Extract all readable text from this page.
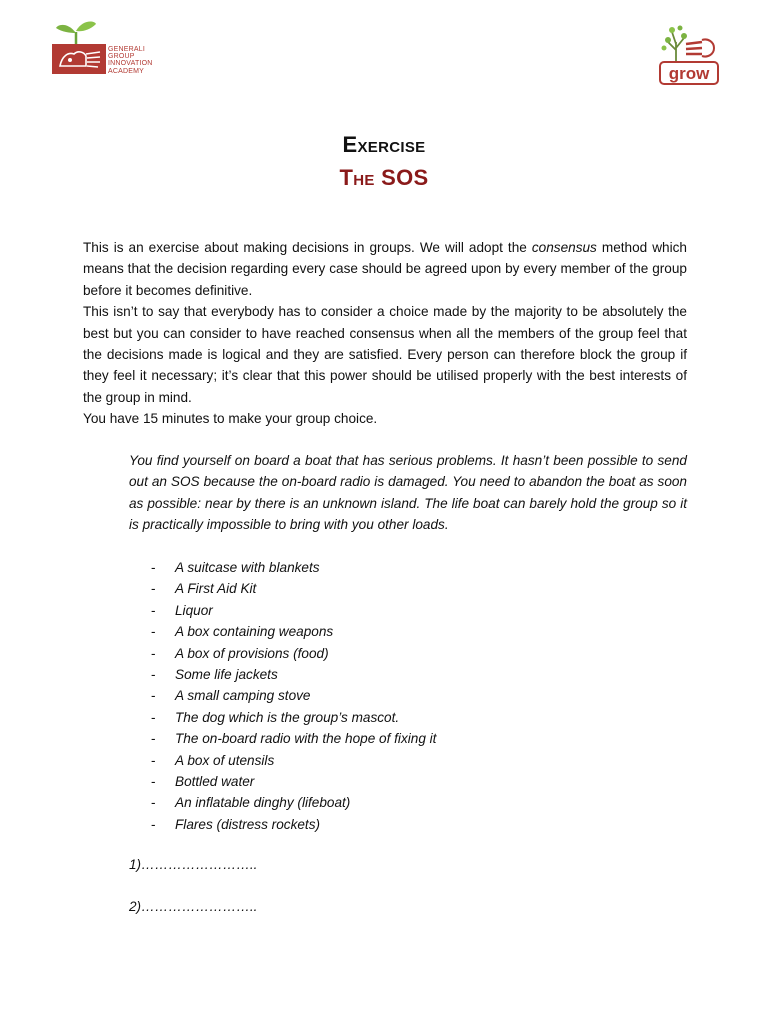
GENERALI
GROUP
INNOVATION
ACADEMY	grow
Exercise
The SOS

This is an exercise about making decisions in groups. We will adopt the consensus method which means that the decision regarding every case should be agreed upon by every member of the group before it becomes definitive.

This isn’t to say that everybody has to consider a choice made by the majority to be absolutely the best but you can consider to have reached consensus when all the members of the group feel that the decisions made is logical and they are satisfied. Every person can therefore block the group if they feel it necessary; it’s clear that this power should be utilised properly with the best interests of the group in mind.

You have 15 minutes to make your group choice.

You find yourself on board a boat that has serious problems. It hasn’t been possible to send out an SOS because the on-board radio is damaged. You need to abandon the boat as soon as possible: near by there is an unknown island. The life boat can barely hold the group so it is practically impossible to bring with you other loads.

- A suitcase with blankets
- A First Aid Kit
- Liquor
- A box containing weapons
- A box of provisions (food)
- Some life jackets
- A small camping stove
- The dog which is the group’s mascot.
- The on-board radio with the hope of fixing it
- A box of utensils
- Bottled water
- An inflatable dinghy (lifeboat)
- Flares (distress rockets)
1)……………………..
2)……………………..
